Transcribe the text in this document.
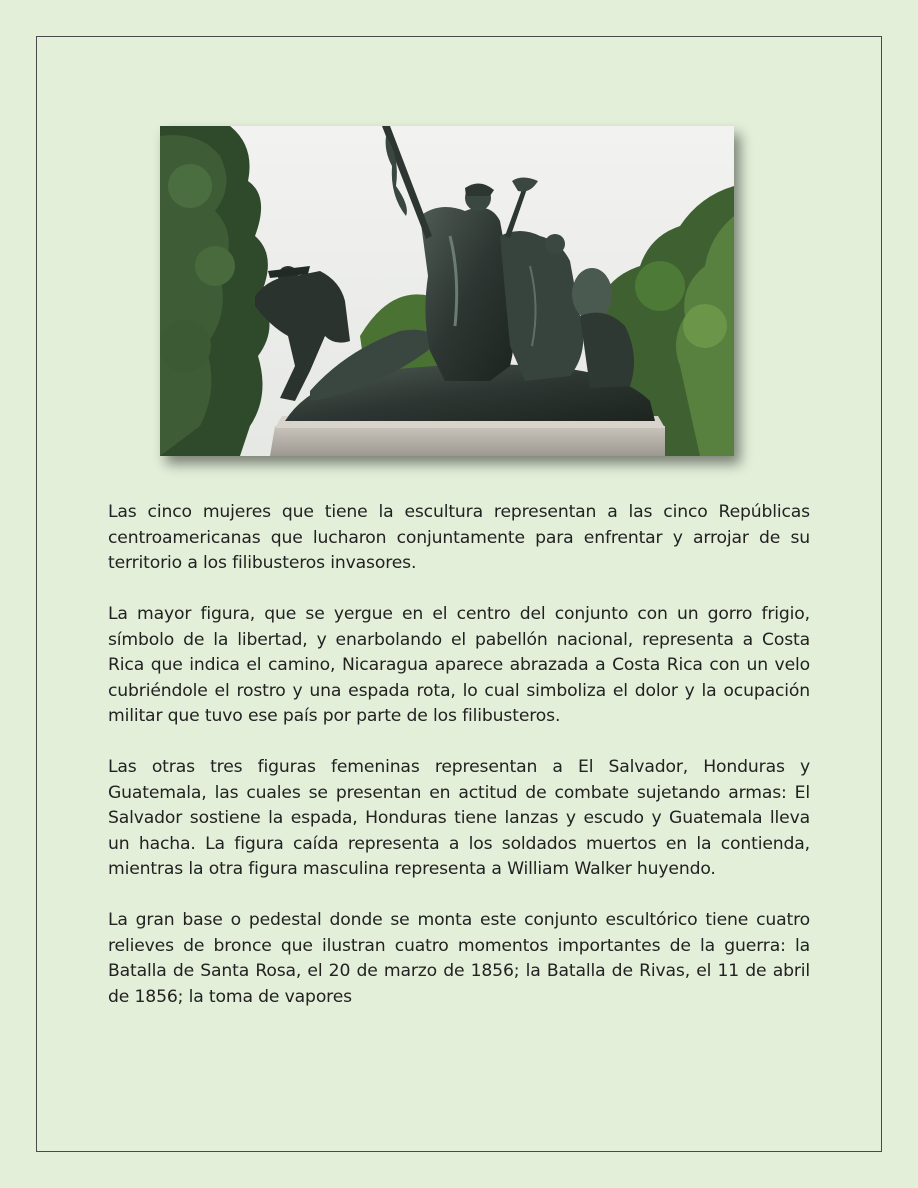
Las cinco mujeres que tiene la escultura representan a las cinco Repúblicas centroamericanas que lucharon conjuntamente para enfrentar y arrojar de su territorio a los filibusteros invasores.

La mayor figura, que se yergue en el centro del conjunto con un gorro frigio, símbolo de la libertad, y enarbolando el pabellón nacional, representa a Costa Rica que indica el camino, Nicaragua aparece abrazada a Costa Rica con un velo cubriéndole el rostro y una espada rota, lo cual simboliza el dolor y la ocupación militar que tuvo ese país por parte de los filibusteros.

Las otras tres figuras femeninas representan a El Salvador, Honduras y Guatemala, las cuales se presentan en actitud de combate sujetando armas: El Salvador sostiene la espada, Honduras tiene lanzas y escudo y Guatemala lleva un hacha. La figura caída representa a los soldados muertos en la contienda, mientras la otra figura masculina representa a William Walker huyendo.

La gran base o pedestal donde se monta este conjunto escultórico tiene cuatro relieves de bronce que ilustran cuatro momentos importantes de la guerra: la Batalla de Santa Rosa, el 20 de marzo de 1856; la Batalla de Rivas, el 11 de abril de 1856; la toma de vapores
